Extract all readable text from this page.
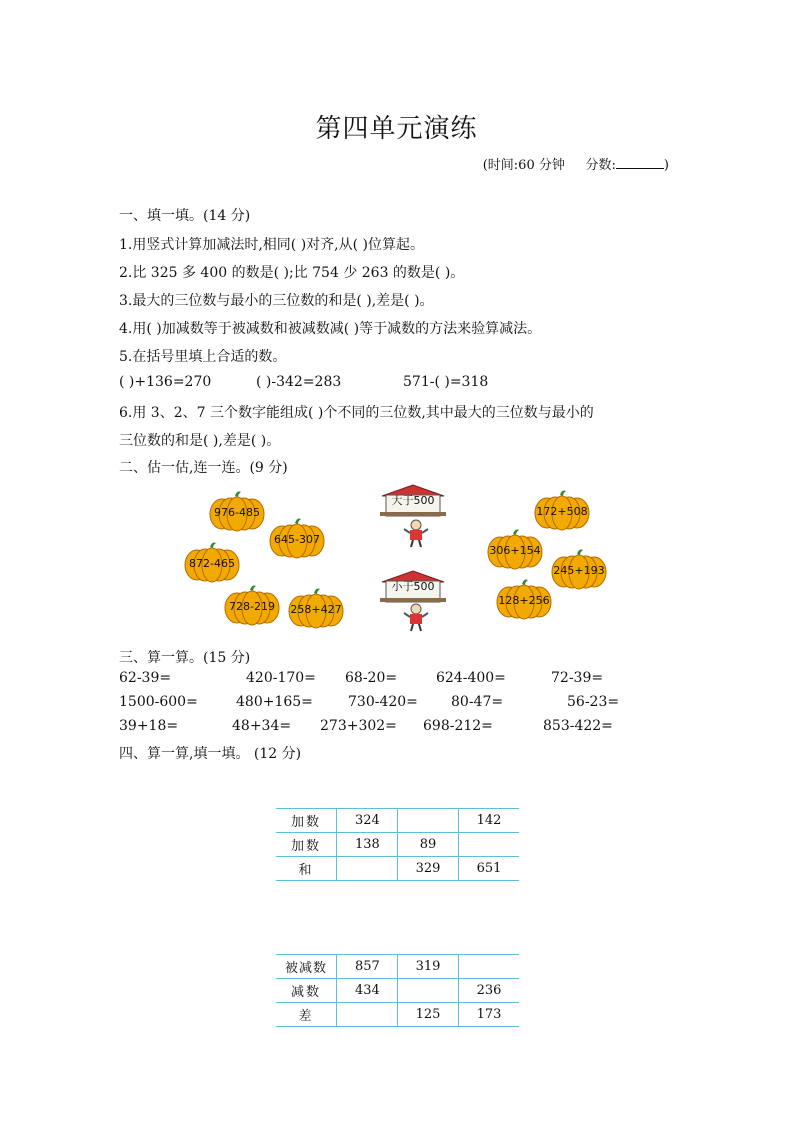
第四单元演练
(时间:60 分钟 分数:	)
一、填一填。(14 分)
1.用竖式计算加减法时,相同( )对齐,从( )位算起。
2.比 325 多 400 的数是( );比 754 少 263 的数是( )。
3.最大的三位数与最小的三位数的和是( ),差是( )。
4.用( )加减数等于被减数和被减数减( )等于减数的方法来验算减法。
5.在括号里填上合适的数。
( )+136=270	( )-342=283	571-( )=318
6.用 3、2、7 三个数字能组成( )个不同的三位数,其中最大的三位数与最小的
三位数的和是( ),差是( )。
二、估一估,连一连。(9 分)
976-485
645-307
872-465
728-219	258+427
172+508
306+154
245+193
128+256
大于500
小于500
三、算一算。(15 分)
62-39=	420-170= 68-20=	624-400=	72-39=
1500-600=	480+165=	730-420= 80-47=	56-23=
39+18=	48+34= 273+302= 698-212=	853-422=
四、算一算,填一填。 (12 分)
加数	324		142
加数	138	89	
和		329	651
被减数	857	319	
减数	434		236
差		125	173
